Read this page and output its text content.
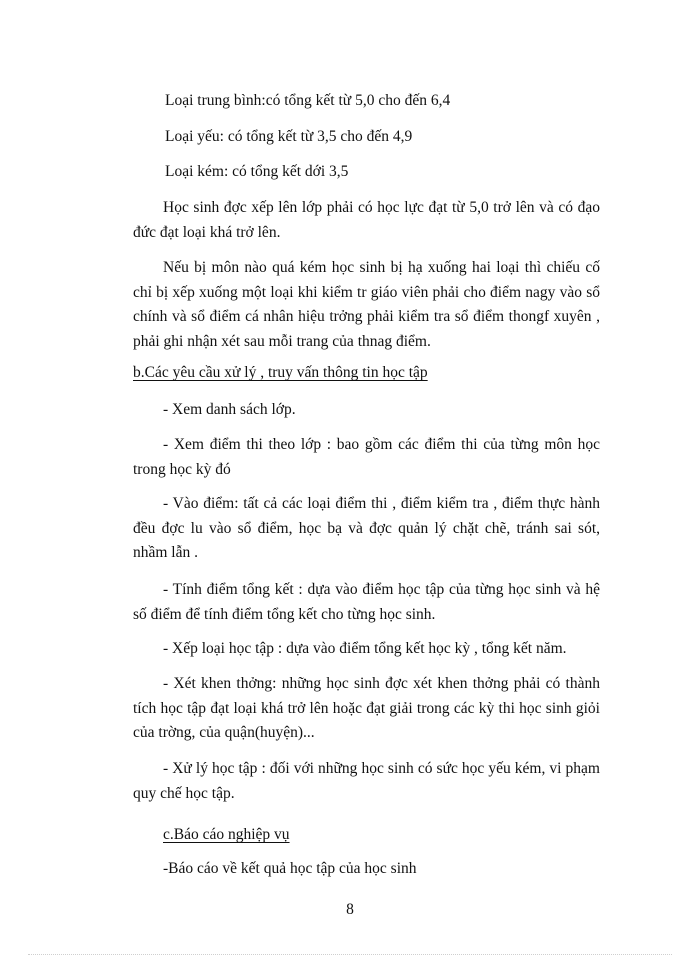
Loại trung bình:có tổng kết từ 5,0 cho đến 6,4
Loại yếu: có tổng kết từ 3,5 cho đến 4,9
Loại kém: có tổng kết dới 3,5
Học sinh đợc xếp lên lớp phải có học lực đạt từ 5,0 trở lên và có đạo đức đạt loại khá trở lên.
Nếu bị môn nào quá kém học sinh bị hạ xuống hai loại thì chiếu cố chỉ bị xếp xuống một loại khi kiểm tr giáo viên phải cho điểm nagy vào sổ chính và sổ điểm cá nhân hiệu trởng phải kiểm tra sổ điểm thongf xuyên , phải ghi nhận xét sau mỗi trang của thnag điểm.
b.Các yêu cầu xử lý , truy vấn thông tin học tập
- Xem danh sách lớp.
- Xem điểm thi theo lớp : bao gồm các điểm thi của từng môn học trong học kỳ đó
- Vào điểm: tất cả các loại điểm thi , điểm kiểm tra , điểm thực hành đều đợc lu vào sổ điểm, học bạ và đợc quản lý chặt chẽ, tránh sai sót, nhầm lẫn .
- Tính điểm tổng kết : dựa vào điểm học tập của từng học sinh và hệ số điểm để tính điểm tổng kết cho từng học sinh.
- Xếp loại học tập : dựa vào điểm tổng kết học kỳ , tổng kết năm.
- Xét khen thởng: những học sinh đợc xét khen thởng phải có thành tích học tập đạt loại khá trở lên hoặc đạt giải trong các kỳ thi học sinh giỏi của trờng, của quận(huyện)...
- Xử lý học tập : đối với những học sinh có sức học yếu kém, vi phạm quy chế học tập.
c.Báo cáo nghiệp vụ
-Báo cáo về kết quả học tập của học sinh
8
